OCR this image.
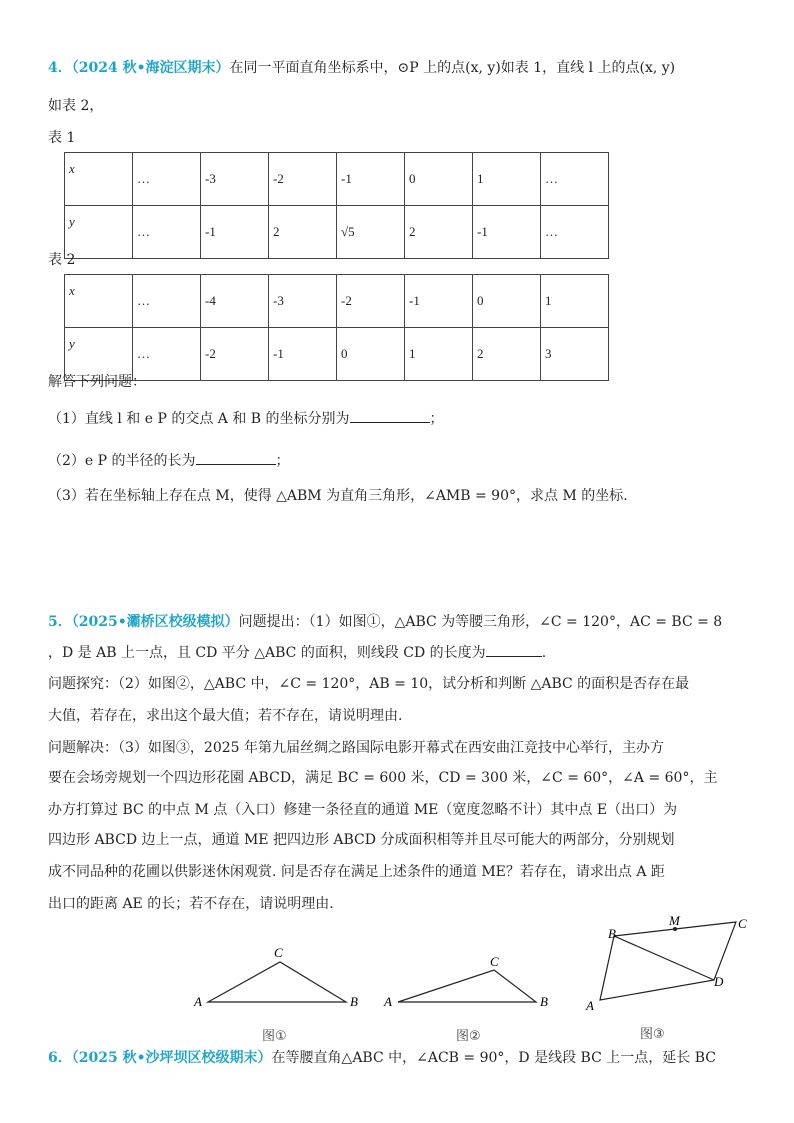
4．（2024 秋•海淀区期末）在同一平面直角坐标系中，⊙P 上的点(x, y)如表 1，直线 l 上的点(x, y)
如表 2，
表 1
x	…	-3	-2	-1	0	1	…
y	…	-1	2	√5	2	-1	…
表 2
x	…	-4	-3	-2	-1	0	1
y	…	-2	-1	0	1	2	3
解答下列问题：
（1）直线 l 和 e P 的交点 A 和 B 的坐标分别为	；
（2）e P 的半径的长为	；
（3）若在坐标轴上存在点 M，使得 △ABM 为直角三角形，∠AMB = 90°，求点 M 的坐标.
5．（2025•灞桥区校级模拟）问题提出：（1）如图①，△ABC 为等腰三角形，∠C = 120°，AC = BC = 8
，D 是 AB 上一点，且 CD 平分 △ABC 的面积，则线段 CD 的长度为	.
问题探究：（2）如图②，△ABC 中，∠C = 120°，AB = 10，试分析和判断 △ABC 的面积是否存在最
大值，若存在，求出这个最大值；若不存在，请说明理由.
问题解决：（3）如图③，2025 年第九届丝绸之路国际电影开幕式在西安曲江竞技中心举行，主办方
要在会场旁规划一个四边形花園 ABCD，满足 BC = 600 米，CD = 300 米，∠C = 60°，∠A = 60°，主
办方打算过 BC 的中点 M 点（入口）修建一条径直的通道 ME（宽度忽略不计）其中点 E（出口）为
四边形 ABCD 边上一点，通道 ME 把四边形 ABCD 分成面积相等并且尽可能大的两部分，分别规划
成不同品种的花圃以供影迷休闲观赏. 问是否存在满足上述条件的通道 ME？若存在，请求出点 A 距
出口的距离 AE 的长；若不存在，请说明理由.
C
A	B
图①
C
A	B
图②
B
M	C
D
A
图③
6．（2025 秋•沙坪坝区校级期末）在等腰直角△ABC 中，∠ACB = 90°，D 是线段 BC 上一点，延长 BC
